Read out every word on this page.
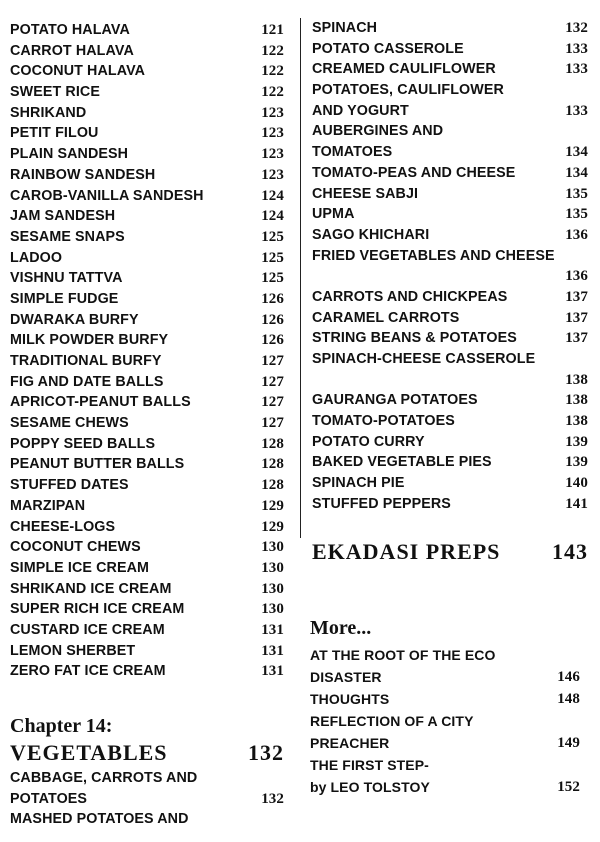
POTATO HALAVA	121
CARROT HALAVA	122
COCONUT HALAVA	122
SWEET RICE	122
SHRIKAND	123
PETIT FILOU	123
PLAIN SANDESH	123
RAINBOW SANDESH	123
CAROB-VANILLA SANDESH	124
JAM SANDESH	124
SESAME SNAPS	125
LADOO	125
VISHNU TATTVA	125
SIMPLE FUDGE	126
DWARAKA BURFY	126
MILK POWDER BURFY	126
TRADITIONAL BURFY	127
FIG AND DATE BALLS	127
APRICOT-PEANUT BALLS	127
SESAME CHEWS	127
POPPY SEED BALLS	128
PEANUT BUTTER BALLS	128
STUFFED DATES	128
MARZIPAN	129
CHEESE-LOGS	129
COCONUT CHEWS	130
SIMPLE ICE CREAM	130
SHRIKAND ICE CREAM	130
SUPER RICH ICE CREAM	130
CUSTARD ICE CREAM	131
LEMON SHERBET	131
ZERO FAT ICE CREAM	131
Chapter 14:
VEGETABLES	132
CABBAGE, CARROTS AND
POTATOES	132
MASHED POTATOES AND
SPINACH	132
POTATO CASSEROLE	133
CREAMED CAULIFLOWER	133
POTATOES, CAULIFLOWER
AND YOGURT	133
AUBERGINES AND
TOMATOES	134
TOMATO-PEAS AND CHEESE	134
CHEESE SABJI	135
UPMA	135
SAGO KHICHARI	136
FRIED VEGETABLES AND CHEESE
136
CARROTS AND CHICKPEAS	137
CARAMEL CARROTS	137
STRING BEANS & POTATOES	137
SPINACH-CHEESE CASSEROLE
138
GAURANGA POTATOES	138
TOMATO-POTATOES	138
POTATO CURRY	139
BAKED VEGETABLE PIES	139
SPINACH PIE	140
STUFFED PEPPERS	141
EKADASI PREPS 143
More...
AT THE ROOT OF THE ECO
DISASTER	146
THOUGHTS	148
REFLECTION OF A CITY
PREACHER	149
THE FIRST STEP-
by LEO TOLSTOY	152
